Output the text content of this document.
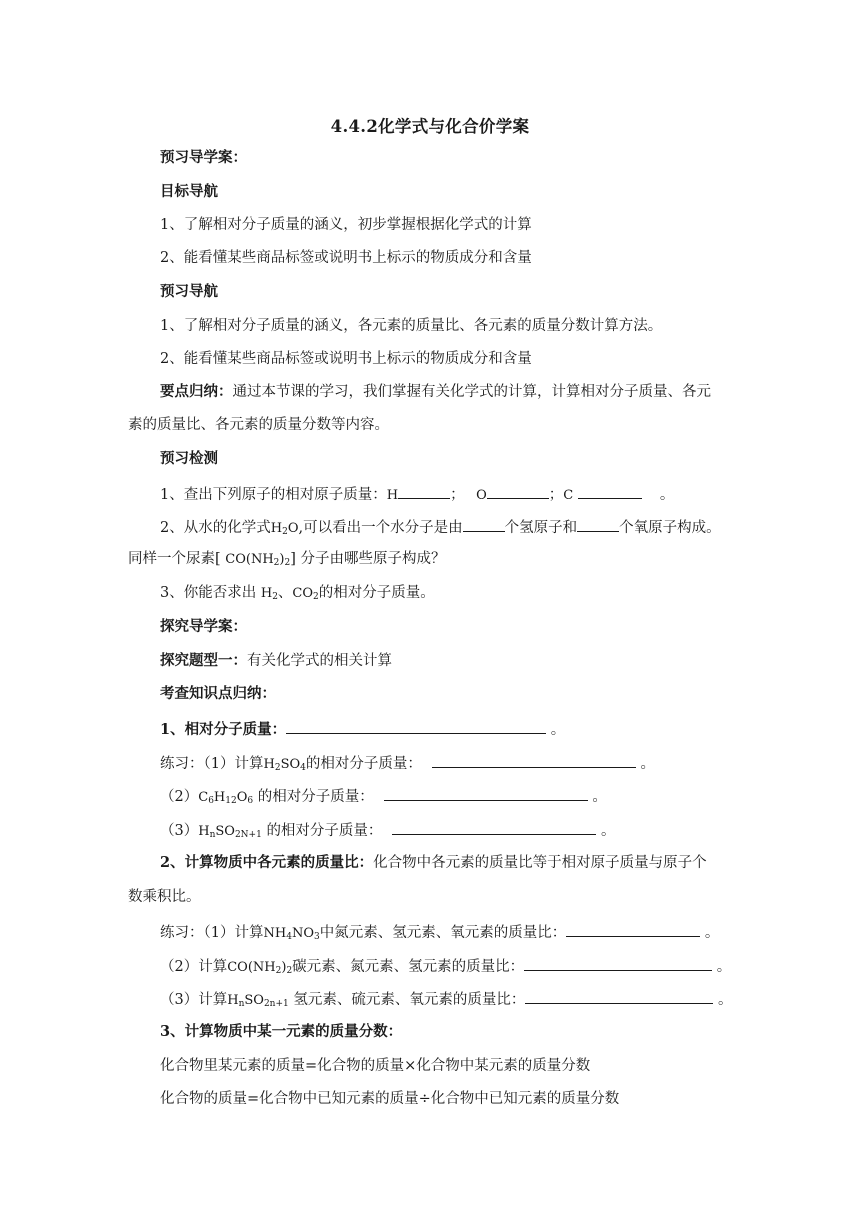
4.4.2化学式与化合价学案
预习导学案：
目标导航
1、了解相对分子质量的涵义，初步掌握根据化学式的计算
2、能看懂某些商品标签或说明书上标示的物质成分和含量
预习导航
1、了解相对分子质量的涵义，各元素的质量比、各元素的质量分数计算方法。
2、能看懂某些商品标签或说明书上标示的物质成分和含量
要点归纳：通过本节课的学习，我们掌握有关化学式的计算，计算相对分子质量、各元
素的质量比、各元素的质量分数等内容。
预习检测
1、查出下列原子的相对原子质量：H	； O	；C	。
2、从水的化学式$H_2O$,可以看出一个水分子是由	个氢原子和	个氧原子构成。
同样一个尿素[ $CO(NH_2)_2$] 分子由哪些原子构成？
3、你能否求出 $H_2$、$CO_2$的相对分子质量。
探究导学案：
探究题型一：有关化学式的相关计算
考查知识点归纳：
1、相对分子质量：	。
练习：（1）计算$H_2SO_4$的相对分子质量：	。
$(2)C_6H_{12}O_6$ 的相对分子质量：	。
$(3)H_nSO_{2N+1}$ 的相对分子质量：	。
2、计算物质中各元素的质量比：化合物中各元素的质量比等于相对原子质量与原子个
数乘积比。
练习：（1）计算$NH_4NO_3$中氮元素、氢元素、氧元素的质量比：	。
（2）计算$CO(NH_2)_2$碳元素、氮元素、氢元素的质量比：	。
（3）计算$H_nSO_{2n+1}$ 氢元素、硫元素、氧元素的质量比：	。
3、计算物质中某一元素的质量分数：
化合物里某元素的质量=化合物的质量×化合物中某元素的质量分数
化合物的质量=化合物中已知元素的质量÷化合物中已知元素的质量分数
